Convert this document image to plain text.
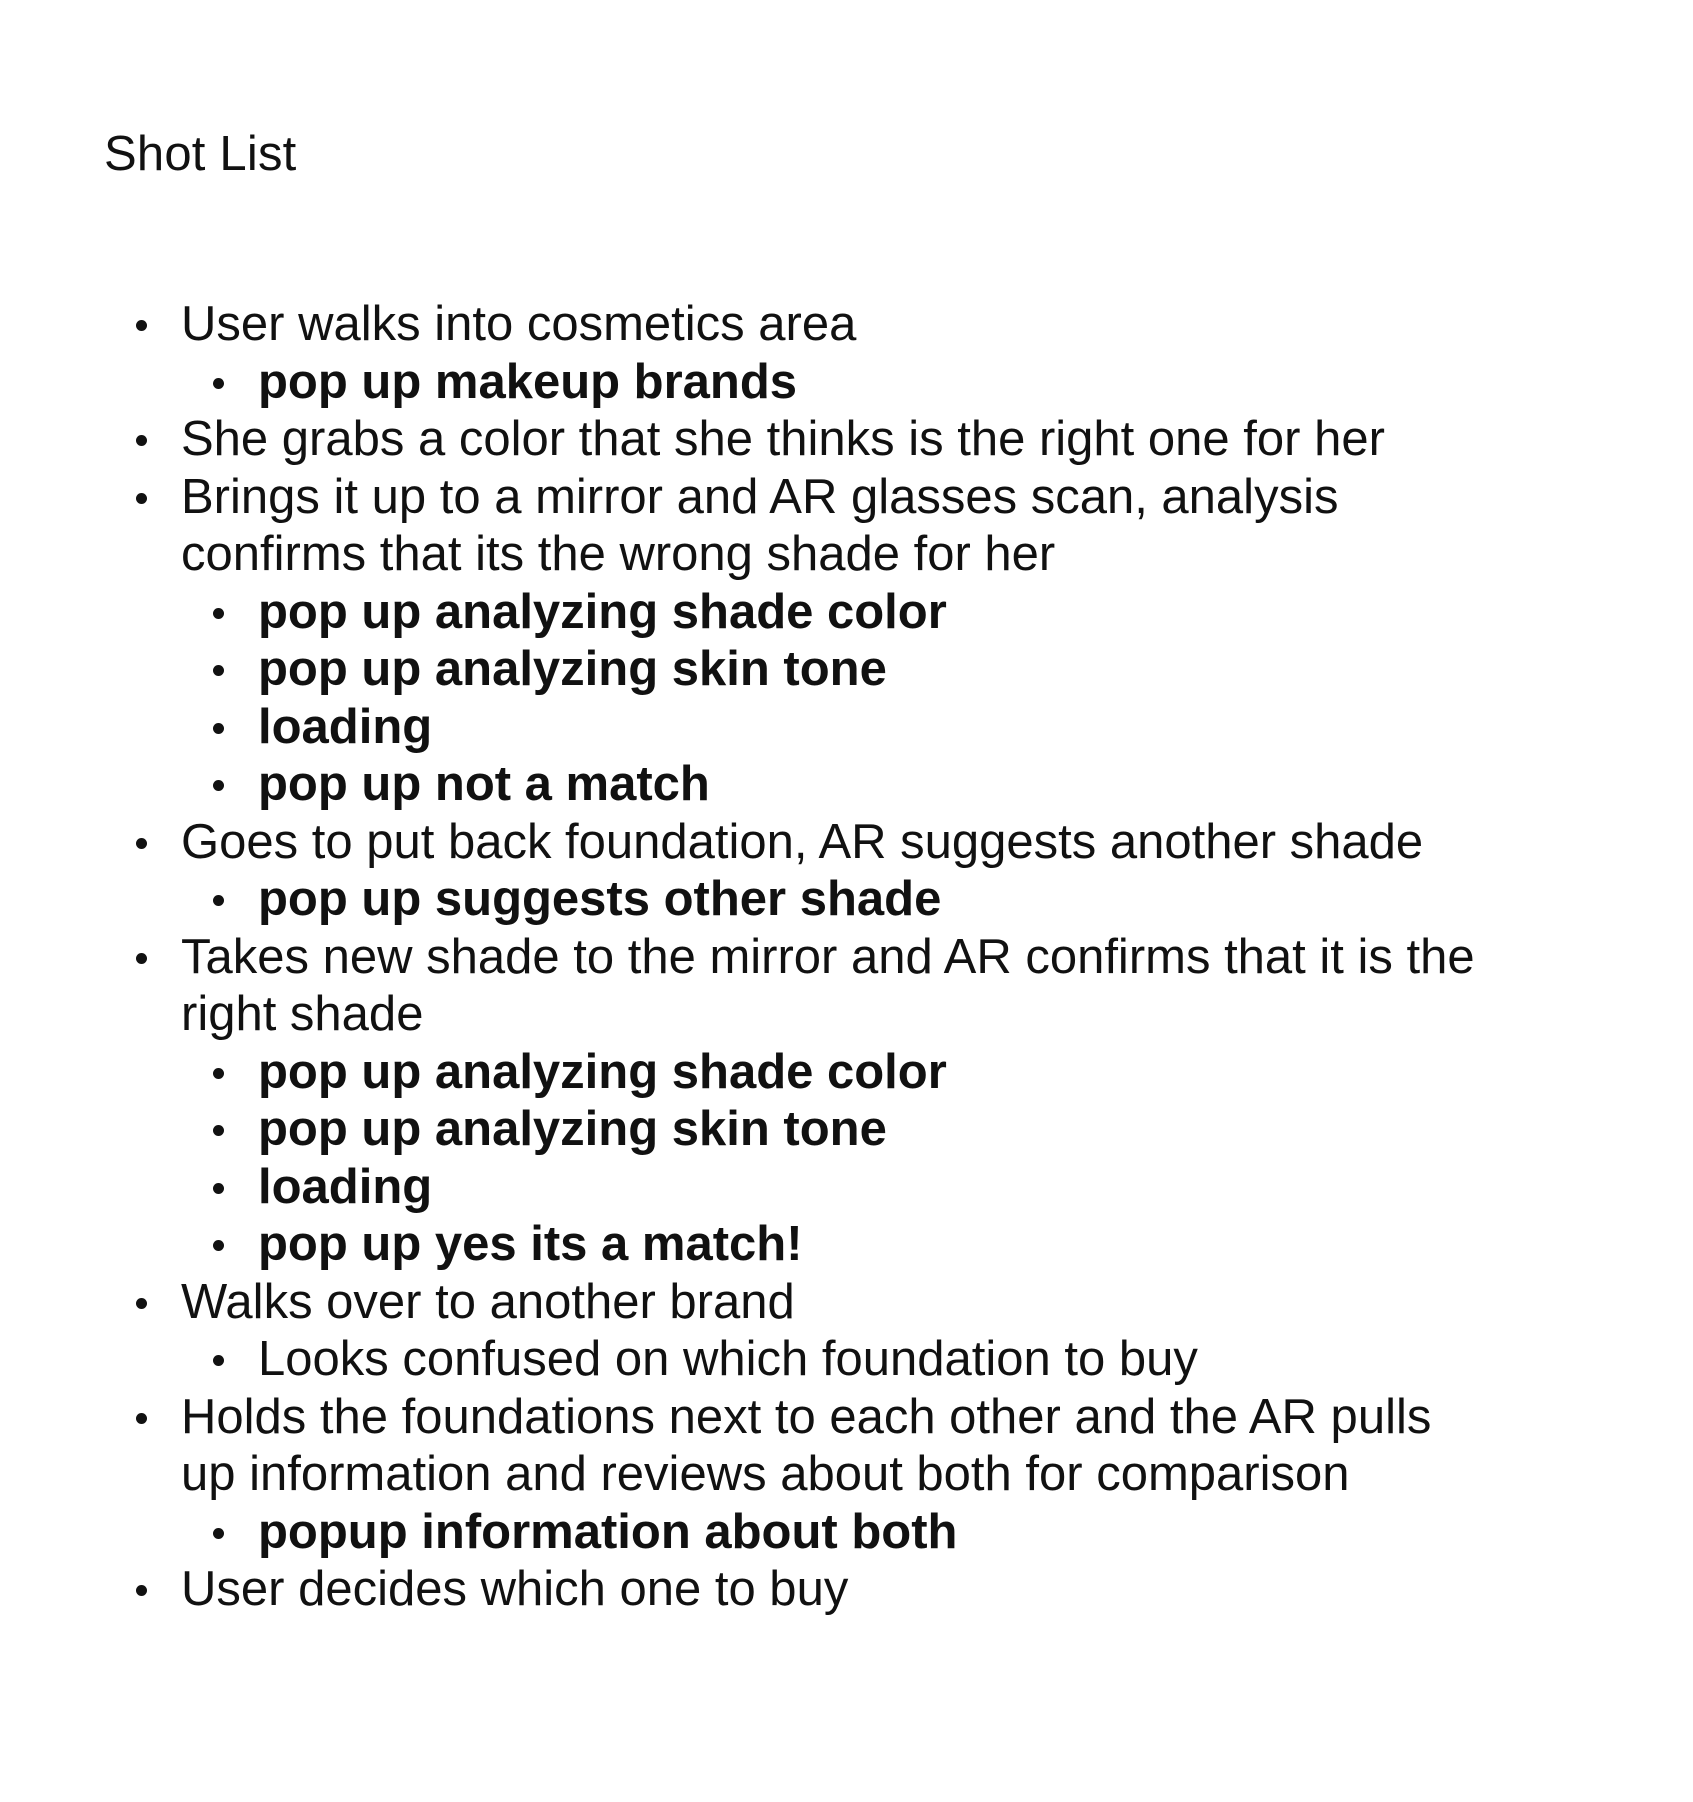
Shot List
User walks into cosmetics area
pop up makeup brands
She grabs a color that she thinks is the right one for her
Brings it up to a mirror and AR glasses scan, analysis confirms that its the wrong shade for her
pop up analyzing shade color
pop up analyzing skin tone
loading
pop up not a match
Goes to put back foundation, AR suggests another shade
pop up suggests other shade
Takes new shade to the mirror and AR confirms that it is the right shade
pop up analyzing shade color
pop up analyzing skin tone
loading
pop up yes its a match!
Walks over to another brand
Looks confused on which foundation to buy
Holds the foundations next to each other and the AR pulls up information and reviews about both for comparison
popup information about both
User decides which one to buy
